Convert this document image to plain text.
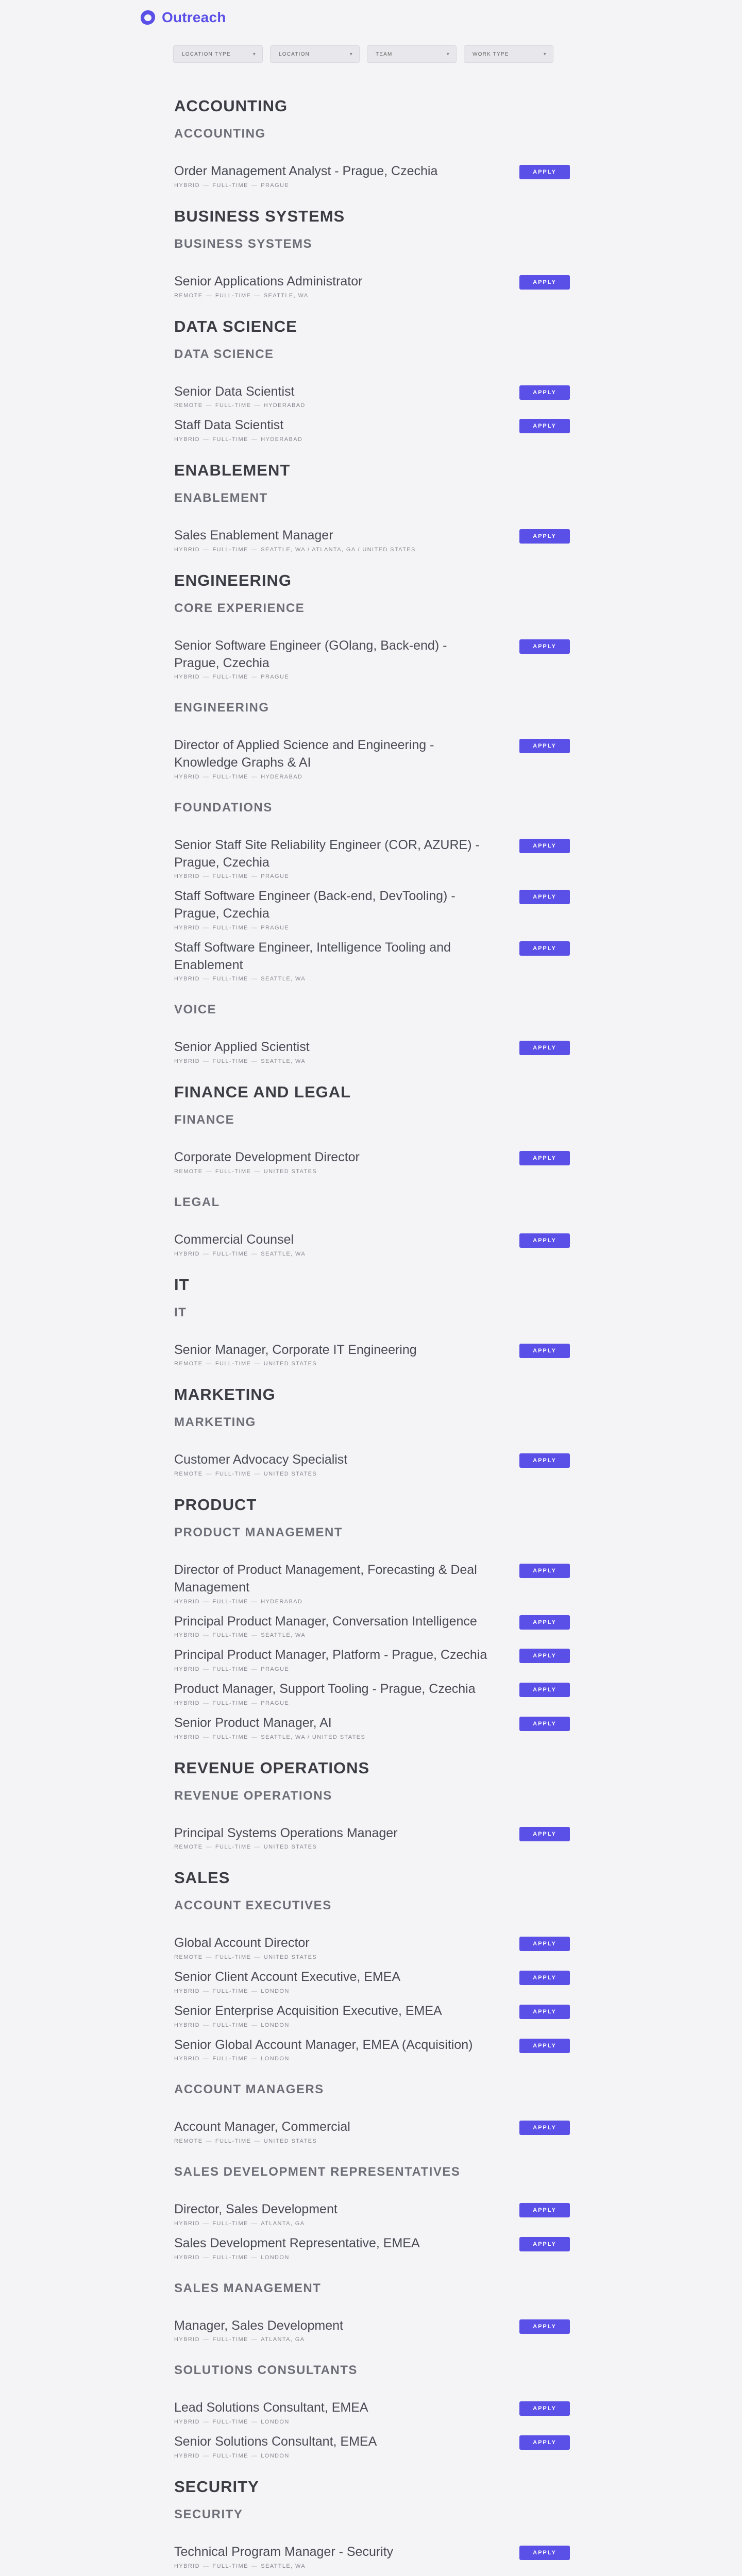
Outreach
LOCATION TYPE	▾	LOCATION	▾	TEAM	▾	WORK TYPE	▾
ACCOUNTING
ACCOUNTING
Order Management Analyst - Prague, Czechia
HYBRID — FULL-TIME — PRAGUE
APPLY
BUSINESS SYSTEMS
BUSINESS SYSTEMS
Senior Applications Administrator
REMOTE — FULL-TIME — SEATTLE, WA
APPLY
DATA SCIENCE
DATA SCIENCE
Senior Data Scientist
REMOTE — FULL-TIME — HYDERABAD
APPLY
Staff Data Scientist
HYBRID — FULL-TIME — HYDERABAD
APPLY
ENABLEMENT
ENABLEMENT
Sales Enablement Manager
HYBRID — FULL-TIME — SEATTLE, WA / ATLANTA, GA / UNITED STATES
APPLY
ENGINEERING
CORE EXPERIENCE
Senior Software Engineer (GOlang, Back-end) - Prague, Czechia
HYBRID — FULL-TIME — PRAGUE
APPLY
ENGINEERING
Director of Applied Science and Engineering - Knowledge Graphs & AI
HYBRID — FULL-TIME — HYDERABAD
APPLY
FOUNDATIONS
Senior Staff Site Reliability Engineer (COR, AZURE) - Prague, Czechia
HYBRID — FULL-TIME — PRAGUE
APPLY
Staff Software Engineer (Back-end, DevTooling) - Prague, Czechia
HYBRID — FULL-TIME — PRAGUE
APPLY
Staff Software Engineer, Intelligence Tooling and Enablement
HYBRID — FULL-TIME — SEATTLE, WA
APPLY
VOICE
Senior Applied Scientist
HYBRID — FULL-TIME — SEATTLE, WA
APPLY
FINANCE AND LEGAL
FINANCE
Corporate Development Director
REMOTE — FULL-TIME — UNITED STATES
APPLY
LEGAL
Commercial Counsel
HYBRID — FULL-TIME — SEATTLE, WA
APPLY
IT
IT
Senior Manager, Corporate IT Engineering
REMOTE — FULL-TIME — UNITED STATES
APPLY
MARKETING
MARKETING
Customer Advocacy Specialist
REMOTE — FULL-TIME — UNITED STATES
APPLY
PRODUCT
PRODUCT MANAGEMENT
Director of Product Management, Forecasting & Deal Management
HYBRID — FULL-TIME — HYDERABAD
APPLY
Principal Product Manager, Conversation Intelligence
HYBRID — FULL-TIME — SEATTLE, WA
APPLY
Principal Product Manager, Platform - Prague, Czechia
HYBRID — FULL-TIME — PRAGUE
APPLY
Product Manager, Support Tooling - Prague, Czechia
HYBRID — FULL-TIME — PRAGUE
APPLY
Senior Product Manager, AI
HYBRID — FULL-TIME — SEATTLE, WA / UNITED STATES
APPLY
REVENUE OPERATIONS
REVENUE OPERATIONS
Principal Systems Operations Manager
REMOTE — FULL-TIME — UNITED STATES
APPLY
SALES
ACCOUNT EXECUTIVES
Global Account Director
REMOTE — FULL-TIME — UNITED STATES
APPLY
Senior Client Account Executive, EMEA
HYBRID — FULL-TIME — LONDON
APPLY
Senior Enterprise Acquisition Executive, EMEA
HYBRID — FULL-TIME — LONDON
APPLY
Senior Global Account Manager, EMEA (Acquisition)
HYBRID — FULL-TIME — LONDON
APPLY
ACCOUNT MANAGERS
Account Manager, Commercial
REMOTE — FULL-TIME — UNITED STATES
APPLY
SALES DEVELOPMENT REPRESENTATIVES
Director, Sales Development
HYBRID — FULL-TIME — ATLANTA, GA
APPLY
Sales Development Representative, EMEA
HYBRID — FULL-TIME — LONDON
APPLY
SALES MANAGEMENT
Manager, Sales Development
HYBRID — FULL-TIME — ATLANTA, GA
APPLY
SOLUTIONS CONSULTANTS
Lead Solutions Consultant, EMEA
HYBRID — FULL-TIME — LONDON
APPLY
Senior Solutions Consultant, EMEA
HYBRID — FULL-TIME — LONDON
APPLY
SECURITY
SECURITY
Technical Program Manager - Security
HYBRID — FULL-TIME — SEATTLE, WA
APPLY
